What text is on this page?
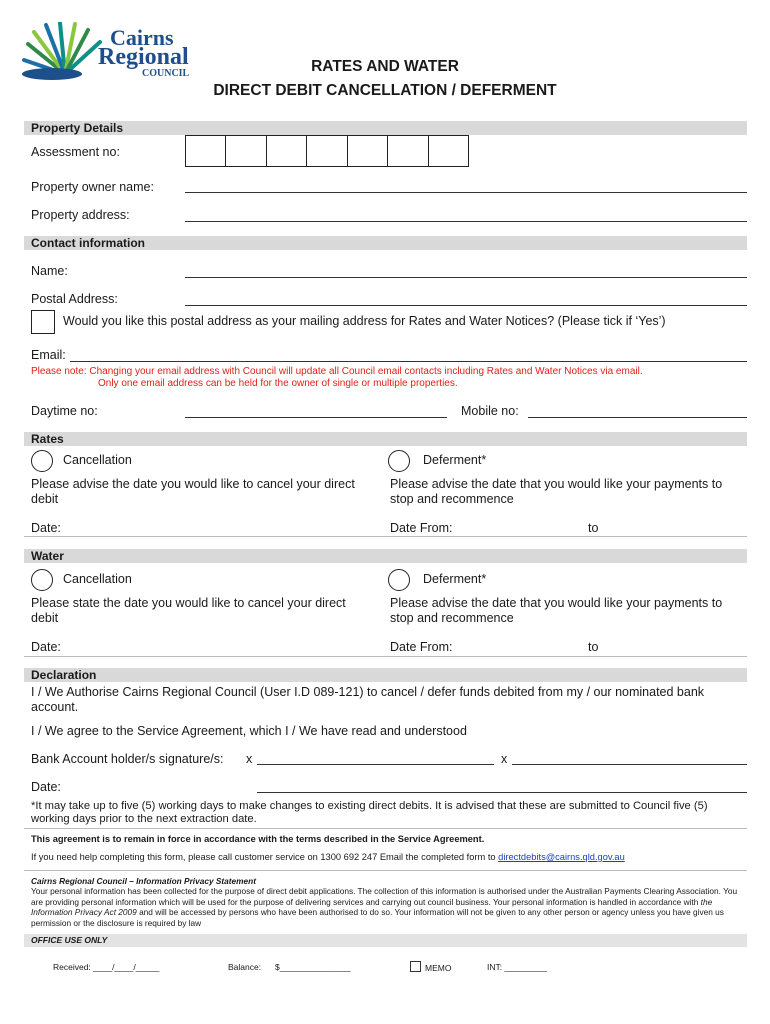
Cairns
Regional
COUNCIL	RATES AND WATER
DIRECT DEBIT CANCELLATION / DEFERMENT
Property Details
Assessment no:
Property owner name:
Property address:
Contact information
Name:
Postal Address:
Would you like this postal address as your mailing address for Rates and Water Notices? (Please tick if ‘Yes’)
Email:
Please note: Changing your email address with Council will update all Council email contacts including Rates and Water Notices via email.
Only one email address can be held for the owner of single or multiple properties.
Daytime no:	Mobile no:
Rates
Cancellation	Deferment*
Please advise the date you would like to cancel your direct debit
Please advise the date that you would like your payments to stop and recommence
Date:	Date From:	to
Water
Cancellation	Deferment*
Please state the date you would like to cancel your direct debit
Please advise the date that you would like your payments to stop and recommence
Date:	Date From:	to
Declaration
I / We Authorise Cairns Regional Council (User I.D 089-121) to cancel / defer funds debited from my / our nominated bank account.
I / We agree to the Service Agreement, which I / We have read and understood
Bank Account holder/s signature/s: x	x
Date:
*It may take up to five (5) working days to make changes to existing direct debits. It is advised that these are submitted to Council five (5) working days prior to the next extraction date.
This agreement is to remain in force in accordance with the terms described in the Service Agreement.
If you need help completing this form, please call customer service on 1300 692 247 Email the completed form to directdebits@cairns.qld.gov.au
Cairns Regional Council – Information Privacy Statement
Your personal information has been collected for the purpose of direct debit applications. The collection of this information is authorised under the Australian Payments Clearing Association. You are providing personal information which will be used for the purpose of delivering services and carrying out council business. Your personal information is handled in accordance with the Information Privacy Act 2009 and will be accessed by persons who have been authorised to do so. Your information will not be given to any other person or agency unless you have given us permission or the disclosure is required by law
OFFICE USE ONLY
Received: ____/____/_____	Balance: $_______________	MEMO	INT: _________
